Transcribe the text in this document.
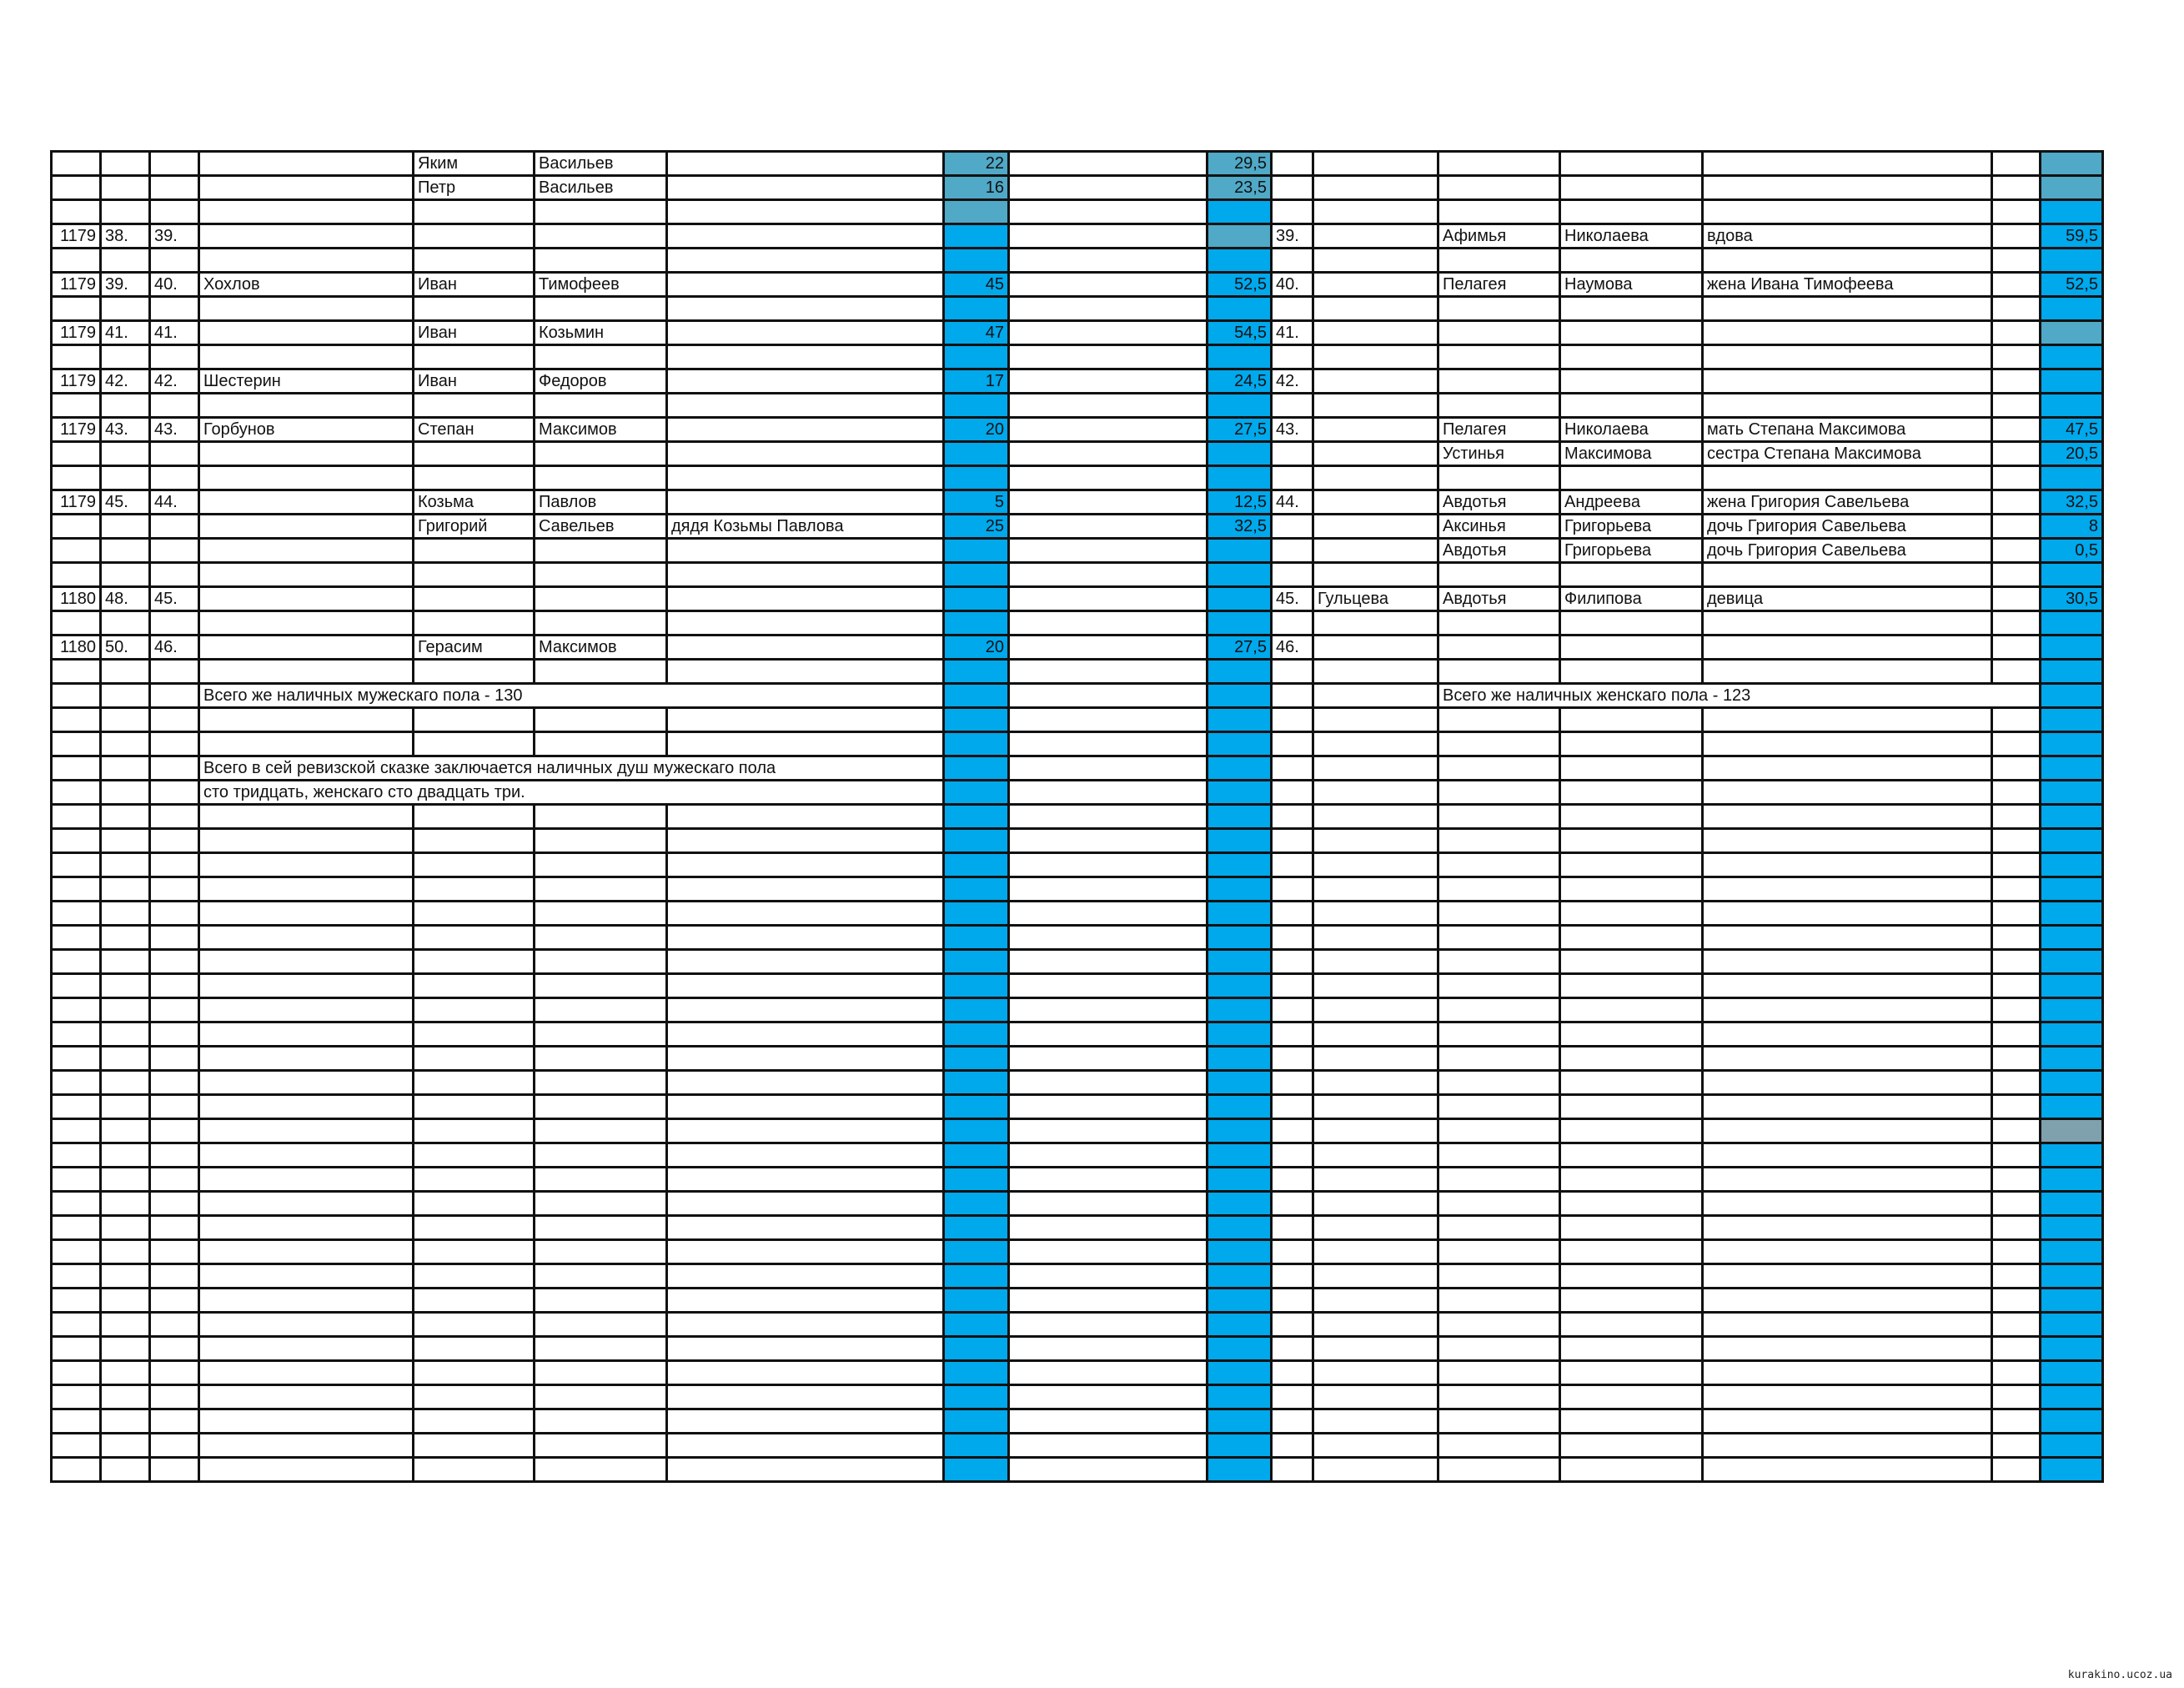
				Яким	Васильев		22		29,5							
				Петр	Васильев		16		23,5							

1179	38.	39.								39.		Афимья	Николаева	вдова		59,5

1179	39.	40.	Хохлов	Иван	Тимофеев		45		52,5	40.		Пелагея	Наумова	жена Ивана Тимофеева		52,5

1179	41.	41.		Иван	Козьмин		47		54,5	41.						

1179	42.	42.	Шестерин	Иван	Федоров		17		24,5	42.						

1179	43.	43.	Горбунов	Степан	Максимов		20		27,5	43.		Пелагея	Николаева	мать Степана Максимова		47,5
												Устинья	Максимова	сестра Степана Максимова		20,5

1179	45.	44.		Козьма	Павлов		5		12,5	44.		Авдотья	Андреева	жена Григория Савельева		32,5
				Григорий	Савельев	дядя Козьмы Павлова	25		32,5			Аксинья	Григорьева	дочь Григория Савельева		8
												Авдотья	Григорьева	дочь Григория Савельева		0,5

1180	48.	45.								45.	Гульцева	Авдотья	Филипова	девица		30,5

1180	50.	46.		Герасим	Максимов		20		27,5	46.						

			Всего же наличных мужескаго пола - 130									Всего же наличных женскаго пола - 123				

			Всего в сей ревизской сказке заключается наличных душ мужескаго пола													
			сто тридцать, женскаго сто двадцать три.													

kurakino.ucoz.ua
